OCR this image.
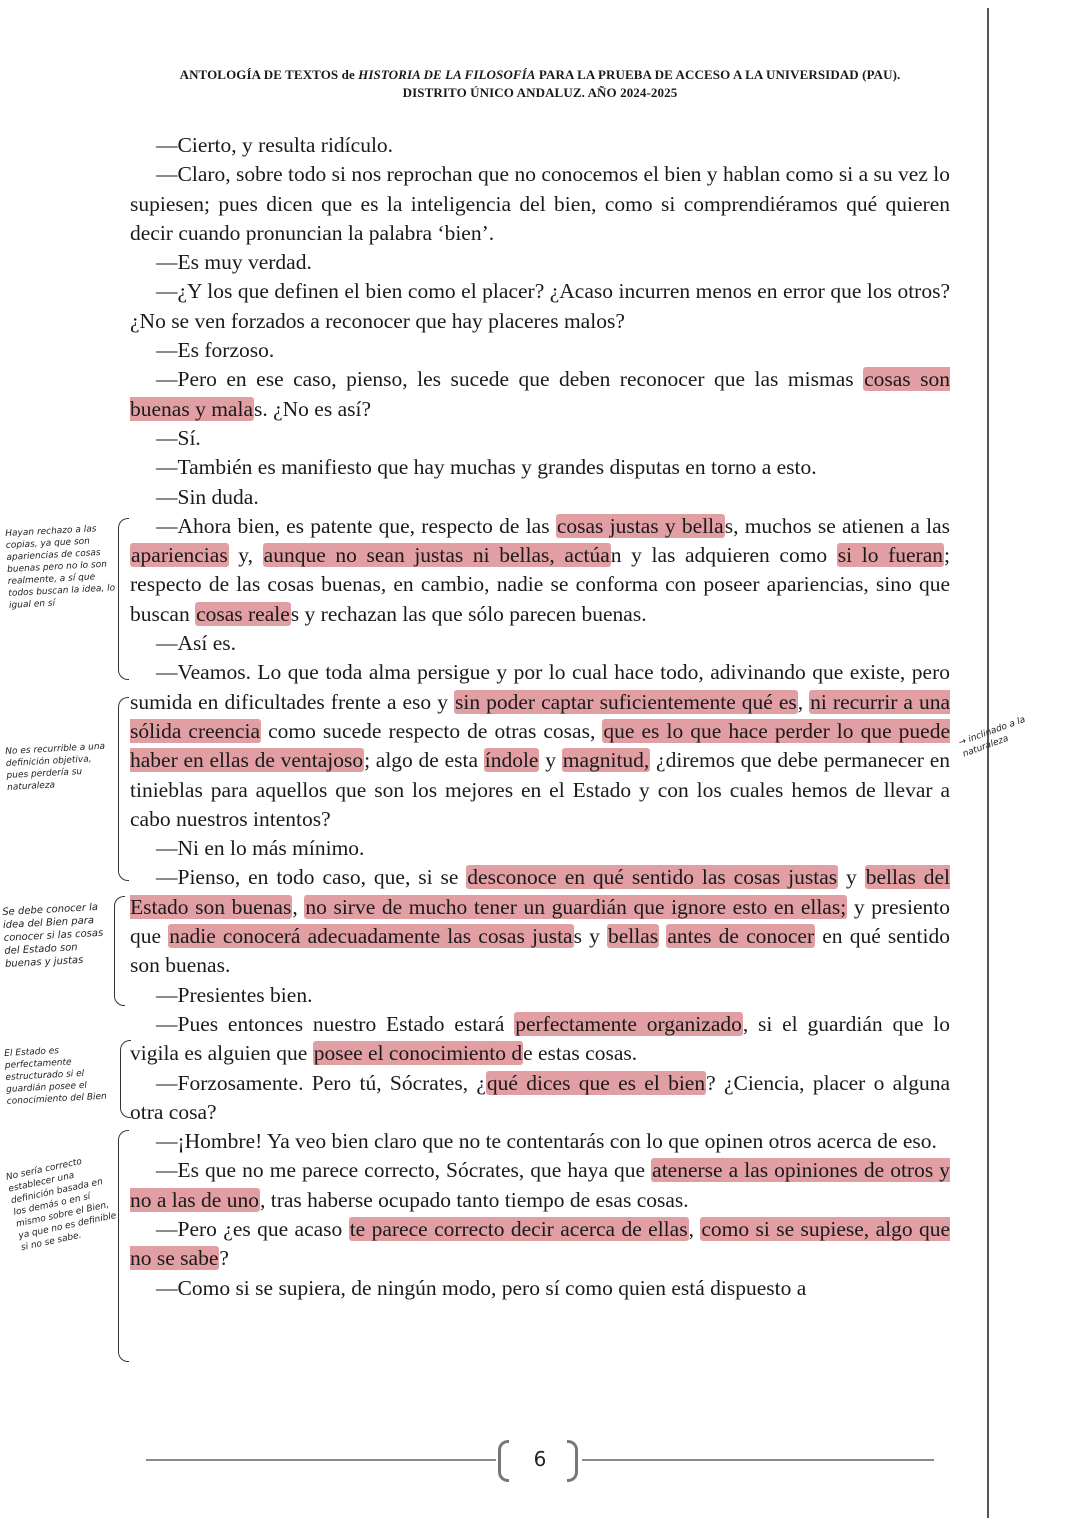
ANTOLOGÍA DE TEXTOS de HISTORIA DE LA FILOSOFÍA PARA LA PRUEBA DE ACCESO A LA UNIVERSIDAD (PAU).
DISTRITO ÚNICO ANDALUZ. AÑO 2024-2025

—Cierto, y resulta ridículo.

—Claro, sobre todo si nos reprochan que no conocemos el bien y hablan como si a su vez lo supiesen; pues dicen que es la inteligencia del bien, como si comprendiéramos qué quieren decir cuando pronuncian la palabra ‘bien’.

—Es muy verdad.

—¿Y los que definen el bien como el placer? ¿Acaso incurren menos en error que los otros? ¿No se ven forzados a reconocer que hay placeres malos?

—Es forzoso.

—Pero en ese caso, pienso, les sucede que deben reconocer que las mismas cosas son buenas y malas. ¿No es así?

—Sí.

—También es manifiesto que hay muchas y grandes disputas en torno a esto.

—Sin duda.

—Ahora bien, es patente que, respecto de las cosas justas y bellas, muchos se atienen a las apariencias y, aunque no sean justas ni bellas, actúan y las adquieren como si lo fueran; respecto de las cosas buenas, en cambio, nadie se conforma con poseer apariencias, sino que buscan cosas reales y rechazan las que sólo parecen buenas.

—Así es.

—Veamos. Lo que toda alma persigue y por lo cual hace todo, adivinando que existe, pero sumida en dificultades frente a eso y sin poder captar suficientemente qué es, ni recurrir a una sólida creencia como sucede respecto de otras cosas, que es lo que hace perder lo que puede haber en ellas de ventajoso; algo de esta índole y magnitud, ¿diremos que debe permanecer en tinieblas para aquellos que son los mejores en el Estado y con los cuales hemos de llevar a cabo nuestros intentos?

—Ni en lo más mínimo.

—Pienso, en todo caso, que, si se desconoce en qué sentido las cosas justas y bellas del Estado son buenas, no sirve de mucho tener un guardián que ignore esto en ellas; y presiento que nadie conocerá adecuadamente las cosas justas y bellas antes de conocer en qué sentido son buenas.

—Presientes bien.

—Pues entonces nuestro Estado estará perfectamente organizado, si el guardián que lo vigila es alguien que posee el conocimiento de estas cosas.

—Forzosamente. Pero tú, Sócrates, ¿qué dices que es el bien? ¿Ciencia, placer o alguna otra cosa?

—¡Hombre! Ya veo bien claro que no te contentarás con lo que opinen otros acerca de eso.

—Es que no me parece correcto, Sócrates, que haya que atenerse a las opiniones de otros y no a las de uno, tras haberse ocupado tanto tiempo de esas cosas.

—Pero ¿es que acaso te parece correcto decir acerca de ellas, como si se supiese, algo que no se sabe?

—Como si se supiera, de ningún modo, pero sí como quien está dispuesto a

Hayan rechazo a las copias, ya que son apariencias de cosas buenas pero no lo son realmente, a sí que todos buscan la idea, lo igual en sí
No es recurrible a una definición objetiva, pues perdería su naturaleza
→ inclinado a la naturaleza
Se debe conocer la idea del Bien para conocer si las cosas del Estado son buenas y justas
El Estado es perfectamente estructurado si el guardián posee el conocimiento del Bien
No sería correcto establecer una definición basada en los demás o en sí mismo sobre el Bien, ya que no es definible si no se sabe.
6
